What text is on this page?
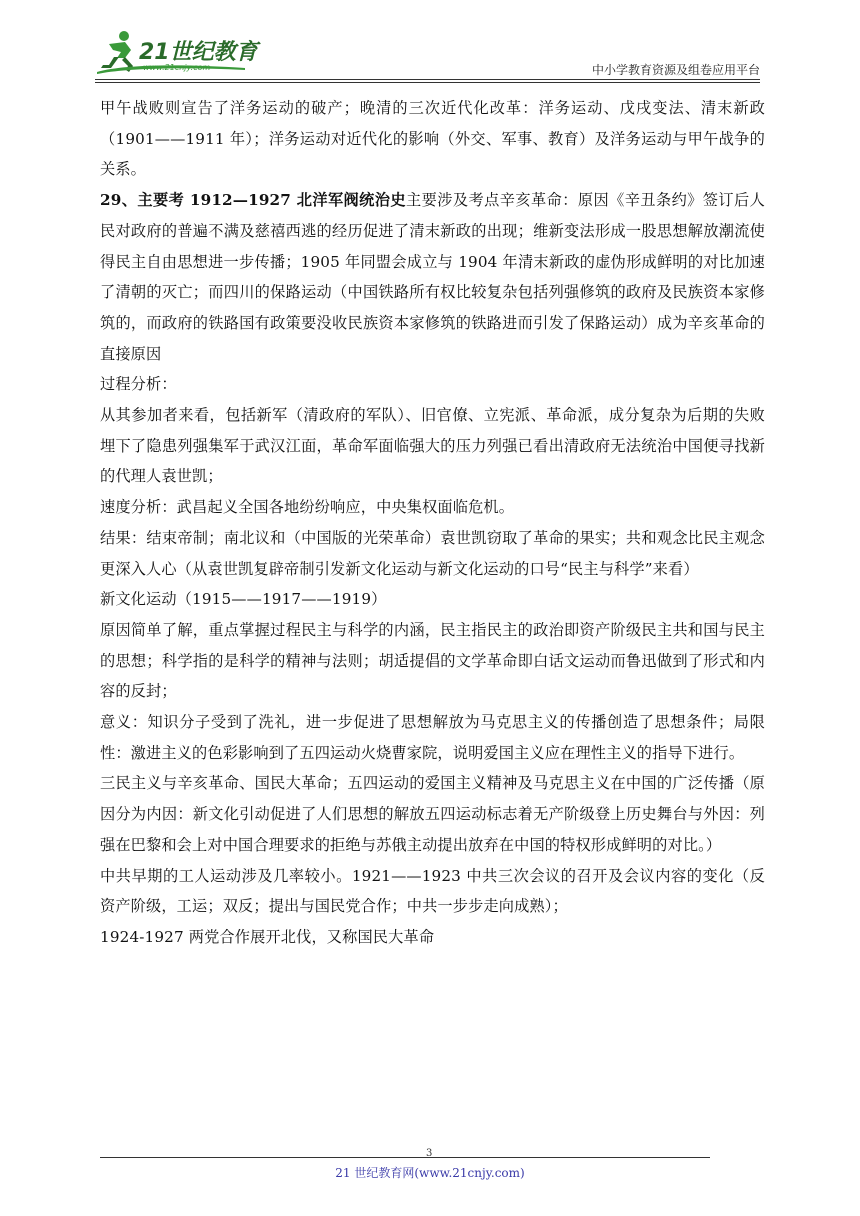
21世纪教育
www.21cnjy.com	中小学教育资源及组卷应用平台

甲午战败则宣告了洋务运动的破产；晚清的三次近代化改革：洋务运动、戊戌变法、清末新政（1901——1911 年）；洋务运动对近代化的影响（外交、军事、教育）及洋务运动与甲午战争的关系。

29、主要考 1912—1927 北洋军阀统治史主要涉及考点辛亥革命：原因《辛丑条约》签订后人民对政府的普遍不满及慈禧西逃的经历促进了清末新政的出现；维新变法形成一股思想解放潮流使得民主自由思想进一步传播；1905 年同盟会成立与 1904 年清末新政的虚伪形成鲜明的对比加速了清朝的灭亡；而四川的保路运动（中国铁路所有权比较复杂包括列强修筑的政府及民族资本家修筑的，而政府的铁路国有政策要没收民族资本家修筑的铁路进而引发了保路运动）成为辛亥革命的直接原因

过程分析：

从其参加者来看，包括新军（清政府的军队）、旧官僚、立宪派、革命派，成分复杂为后期的失败埋下了隐患列强集军于武汉江面，革命军面临强大的压力列强已看出清政府无法统治中国便寻找新的代理人袁世凯；

速度分析：武昌起义全国各地纷纷响应，中央集权面临危机。

结果：结束帝制；南北议和（中国版的光荣革命）袁世凯窃取了革命的果实；共和观念比民主观念更深入人心（从袁世凯复辟帝制引发新文化运动与新文化运动的口号“民主与科学”来看）

新文化运动（1915——1917——1919）

原因简单了解，重点掌握过程民主与科学的内涵，民主指民主的政治即资产阶级民主共和国与民主的思想；科学指的是科学的精神与法则；胡适提倡的文学革命即白话文运动而鲁迅做到了形式和内容的反封；

意义：知识分子受到了洗礼，进一步促进了思想解放为马克思主义的传播创造了思想条件；局限性：激进主义的色彩影响到了五四运动火烧曹家院，说明爱国主义应在理性主义的指导下进行。

三民主义与辛亥革命、国民大革命；五四运动的爱国主义精神及马克思主义在中国的广泛传播（原因分为内因：新文化引动促进了人们思想的解放五四运动标志着无产阶级登上历史舞台与外因：列强在巴黎和会上对中国合理要求的拒绝与苏俄主动提出放弃在中国的特权形成鲜明的对比。）

中共早期的工人运动涉及几率较小。1921——1923 中共三次会议的召开及会议内容的变化（反资产阶级，工运；双反；提出与国民党合作；中共一步步走向成熟）；

1924-1927 两党合作展开北伐，又称国民大革命

3
21 世纪教育网(www.21cnjy.com)
